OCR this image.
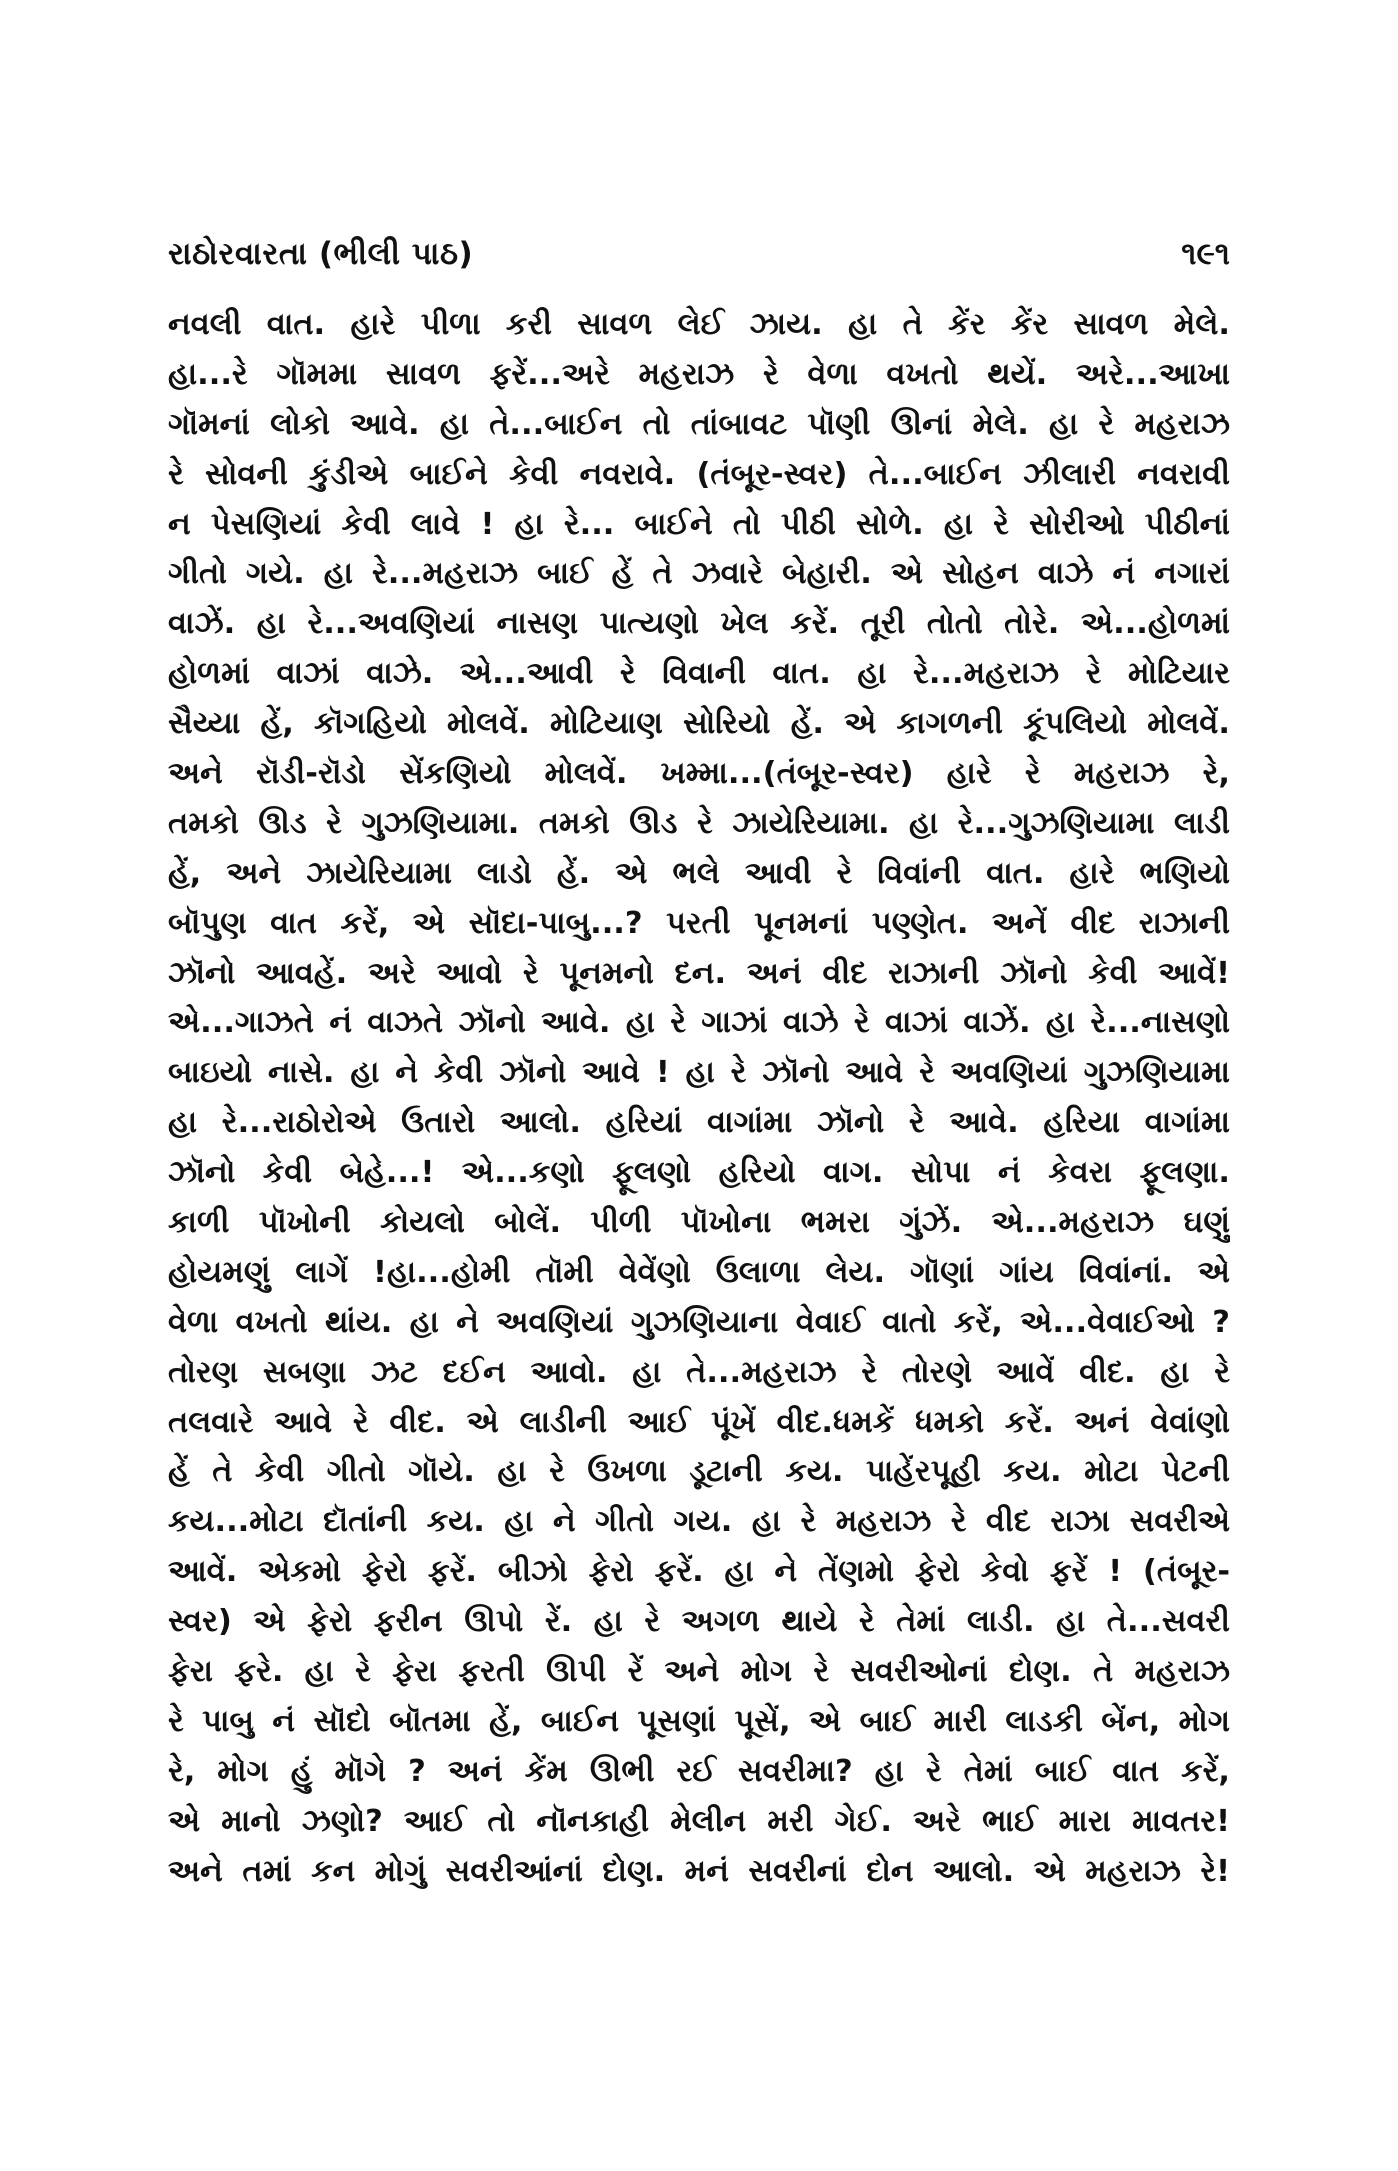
રાઠોરવારતા (ભીલી પાઠ)	૧૯૧
નવલી વાત. હારે પીળા કરી સાવળ લેઈ ઝાય. હા તે કેંર કેંર સાવળ મેલે.
હા...રે ગૉમમા સાવળ ફરેં...અરે મહરાઝ રે વેળા વખતો થયેં. અરે...આખા
ગૉમનાં લોકો આવે. હા તે...બાઈન તો તાંબાવટ પૉણી ઊનાં મેલે. હા રે મહરાઝ
રે સોવની કુંડીએ બાઈને કેવી નવરાવે. (તંબૂર-સ્વર) તે...બાઈન ઝીલારી નવરાવી
ન પેસણિયાં કેવી લાવે ! હા રે... બાઈને તો પીઠી સોળે. હા રે સોરીઓ પીઠીનાં
ગીતો ગયે. હા રે...મહરાઝ બાઈ હેં તે ઝવારે બેહારી. એ સોહન વાઝે નં નગારાં
વાઝેં. હા રે...અવણિયાં નાસણ પાત્યણો ખેલ કરેં. તૂરી તોતો તોરે. એ...હોળમાં
હોળમાં વાઝાં વાઝે. એ...આવી રે વિવાની વાત. હા રે...મહરાઝ રે મોટિયાર
સૈય્યા હેં, કૉગહિયો મોલવેં. મોટિયાણ સોરિયો હેં. એ કાગળની કૂંપલિયો મોલવેં.
અને રૉડી-રૉડો સેંકણિયો મોલવેં. ખમ્મા...(તંબૂર-સ્વર) હારે રે મહરાઝ રે,
તમકો ઊડ રે ગુઝણિયામા. તમકો ઊડ રે ઝાયેરિયામા. હા રે...ગુઝણિયામા લાડી
હેં, અને ઝાયેરિયામા લાડો હેં. એ ભલે આવી રે વિવાંની વાત. હારે ભણિયો
બૉપુણ વાત કરેં, એ સૉદા-પાબુ...? પરતી પૂનમનાં પણ્ણેત. અનેં વીદ રાઝાની
ઝૉનો આવહેં. અરે આવો રે પૂનમનો દન. અનં વીદ રાઝાની ઝૉનો કેવી આવેં!
એ...ગાઝતે નં વાઝતે ઝૉનો આવે. હા રે ગાઝાં વાઝે રે વાઝાં વાઝેં. હા રે...નાસણો
બાઇયો નાસે. હા ને કેવી ઝૉનો આવે ! હા રે ઝૉનો આવે રે અવણિયાં ગુઝણિયામા
હા રે...રાઠોરોએ ઉતારો આલો. હરિયાં વાગાંમા ઝૉનો રે આવે. હરિયા વાગાંમા
ઝૉનો કેવી બેહે...! એ...કણો ફૂલણો હરિયો વાગ. સોપા નં કેવરા ફૂલણા.
કાળી પૉખોની કોયલો બોલેં. પીળી પૉખોના ભમરા ગુંઝેં. એ...મહરાઝ ઘણું
હોયમણું લાગેં !હા...હોમી તૉમી વેવેંણો ઉલાળા લેય. ગૉણાં ગાંય વિવાંનાં. એ
વેળા વખતો થાંય. હા ને અવણિયાં ગુઝણિયાના વેવાઈ વાતો કરેં, એ...વેવાઈઓ ?
તોરણ સબણા ઝટ દઈન આવો. હા તે...મહરાઝ રે તોરણે આવેં વીદ. હા રે
તલવારે આવે રે વીદ. એ લાડીની આઈ પૂંખેં વીદ.ધમકેં ધમકો કરેં. અનં વેવાંણો
હેં તે કેવી ગીતો ગૉયે. હા રે ઉખળા ડૂટાની કય. પાહેંરપૂહી કય. મોટા પેટની
કય...મોટા દૉતાંની કય. હા ને ગીતો ગય. હા રે મહરાઝ રે વીદ રાઝા સવરીએ
આવેં. એકમો ફેરો ફરેં. બીઝો ફેરો ફરેં. હા ને તેંણમો ફેરો કેવો ફરેં ! (તંબૂર-
સ્વર) એ ફેરો ફરીન ઊપો રેં. હા રે અગળ થાયે રે તેમાં લાડી. હા તે...સવરી
ફેરા ફરે. હા રે ફેરા ફરતી ઊપી રેં અને મોગ રે સવરીઓનાં દોણ. તે મહરાઝ
રે પાબુ નં સૉદો બૉતમા હેં, બાઈન પૂસણાં પૂસેં, એ બાઈ મારી લાડકી બેંન, મોગ
રે, મોગ હું મૉગે ? અનં કેંમ ઊભી રઈ સવરીમા? હા રે તેમાં બાઈ વાત કરેં,
એ માનો ઝણો? આઈ તો નૉનકાહી મેલીન મરી ગેઈ. અરે ભાઈ મારા માવતર!
અને તમાં કન મોગું સવરીઆંનાં દોણ. મનં સવરીનાં દોન આલો. એ મહરાઝ રે!
